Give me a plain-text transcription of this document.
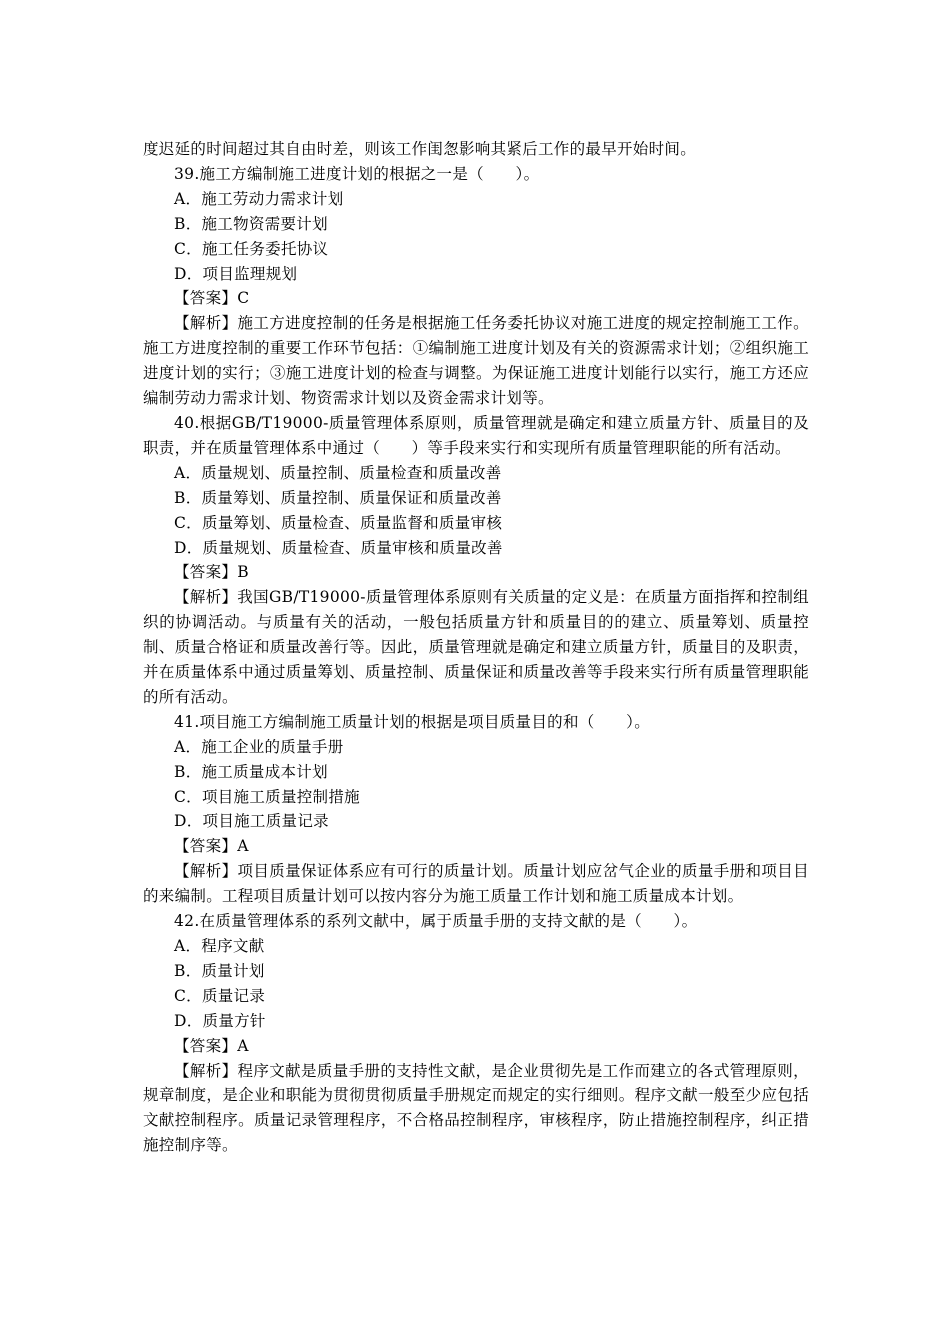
度迟延的时间超过其自由时差，则该工作闺怱影响其紧后工作的最早开始时间。

39.施工方编制施工进度计划的根据之一是（　　）。

A．施工劳动力需求计划

B．施工物资需要计划

C．施工任务委托协议

D．项目监理规划

【答案】C

【解析】施工方进度控制的任务是根据施工任务委托协议对施工进度的规定控制施工工作。施工方进度控制的重要工作环节包括：①编制施工进度计划及有关的资源需求计划；②组织施工进度计划的实行；③施工进度计划的检查与调整。为保证施工进度计划能行以实行，施工方还应编制劳动力需求计划、物资需求计划以及资金需求计划等。

40.根据GB/T19000-质量管理体系原则，质量管理就是确定和建立质量方针、质量目的及职责，并在质量管理体系中通过（　　）等手段来实行和实现所有质量管理职能的所有活动。

A．质量规划、质量控制、质量检查和质量改善

B．质量筹划、质量控制、质量保证和质量改善

C．质量筹划、质量检查、质量监督和质量审核

D．质量规划、质量检查、质量审核和质量改善

【答案】B

【解析】我国GB/T19000-质量管理体系原则有关质量的定义是：在质量方面指挥和控制组织的协调活动。与质量有关的活动，一般包括质量方针和质量目的的建立、质量筹划、质量控制、质量合格证和质量改善行等。因此，质量管理就是确定和建立质量方针，质量目的及职责，并在质量体系中通过质量筹划、质量控制、质量保证和质量改善等手段来实行所有质量管理职能的所有活动。

41.项目施工方编制施工质量计划的根据是项目质量目的和（　　）。

A．施工企业的质量手册

B．施工质量成本计划

C．项目施工质量控制措施

D．项目施工质量记录

【答案】A

【解析】项目质量保证体系应有可行的质量计划。质量计划应岔气企业的质量手册和项目目的来编制。工程项目质量计划可以按内容分为施工质量工作计划和施工质量成本计划。

42.在质量管理体系的系列文献中，属于质量手册的支持文献的是（　　）。

A．程序文献

B．质量计划

C．质量记录

D．质量方针

【答案】A

【解析】程序文献是质量手册的支持性文献，是企业贯彻先是工作而建立的各式管理原则，规章制度，是企业和职能为贯彻贯彻质量手册规定而规定的实行细则。程序文献一般至少应包括文献控制程序。质量记录管理程序，不合格品控制程序，审核程序，防止措施控制程序，纠正措施控制序等。
